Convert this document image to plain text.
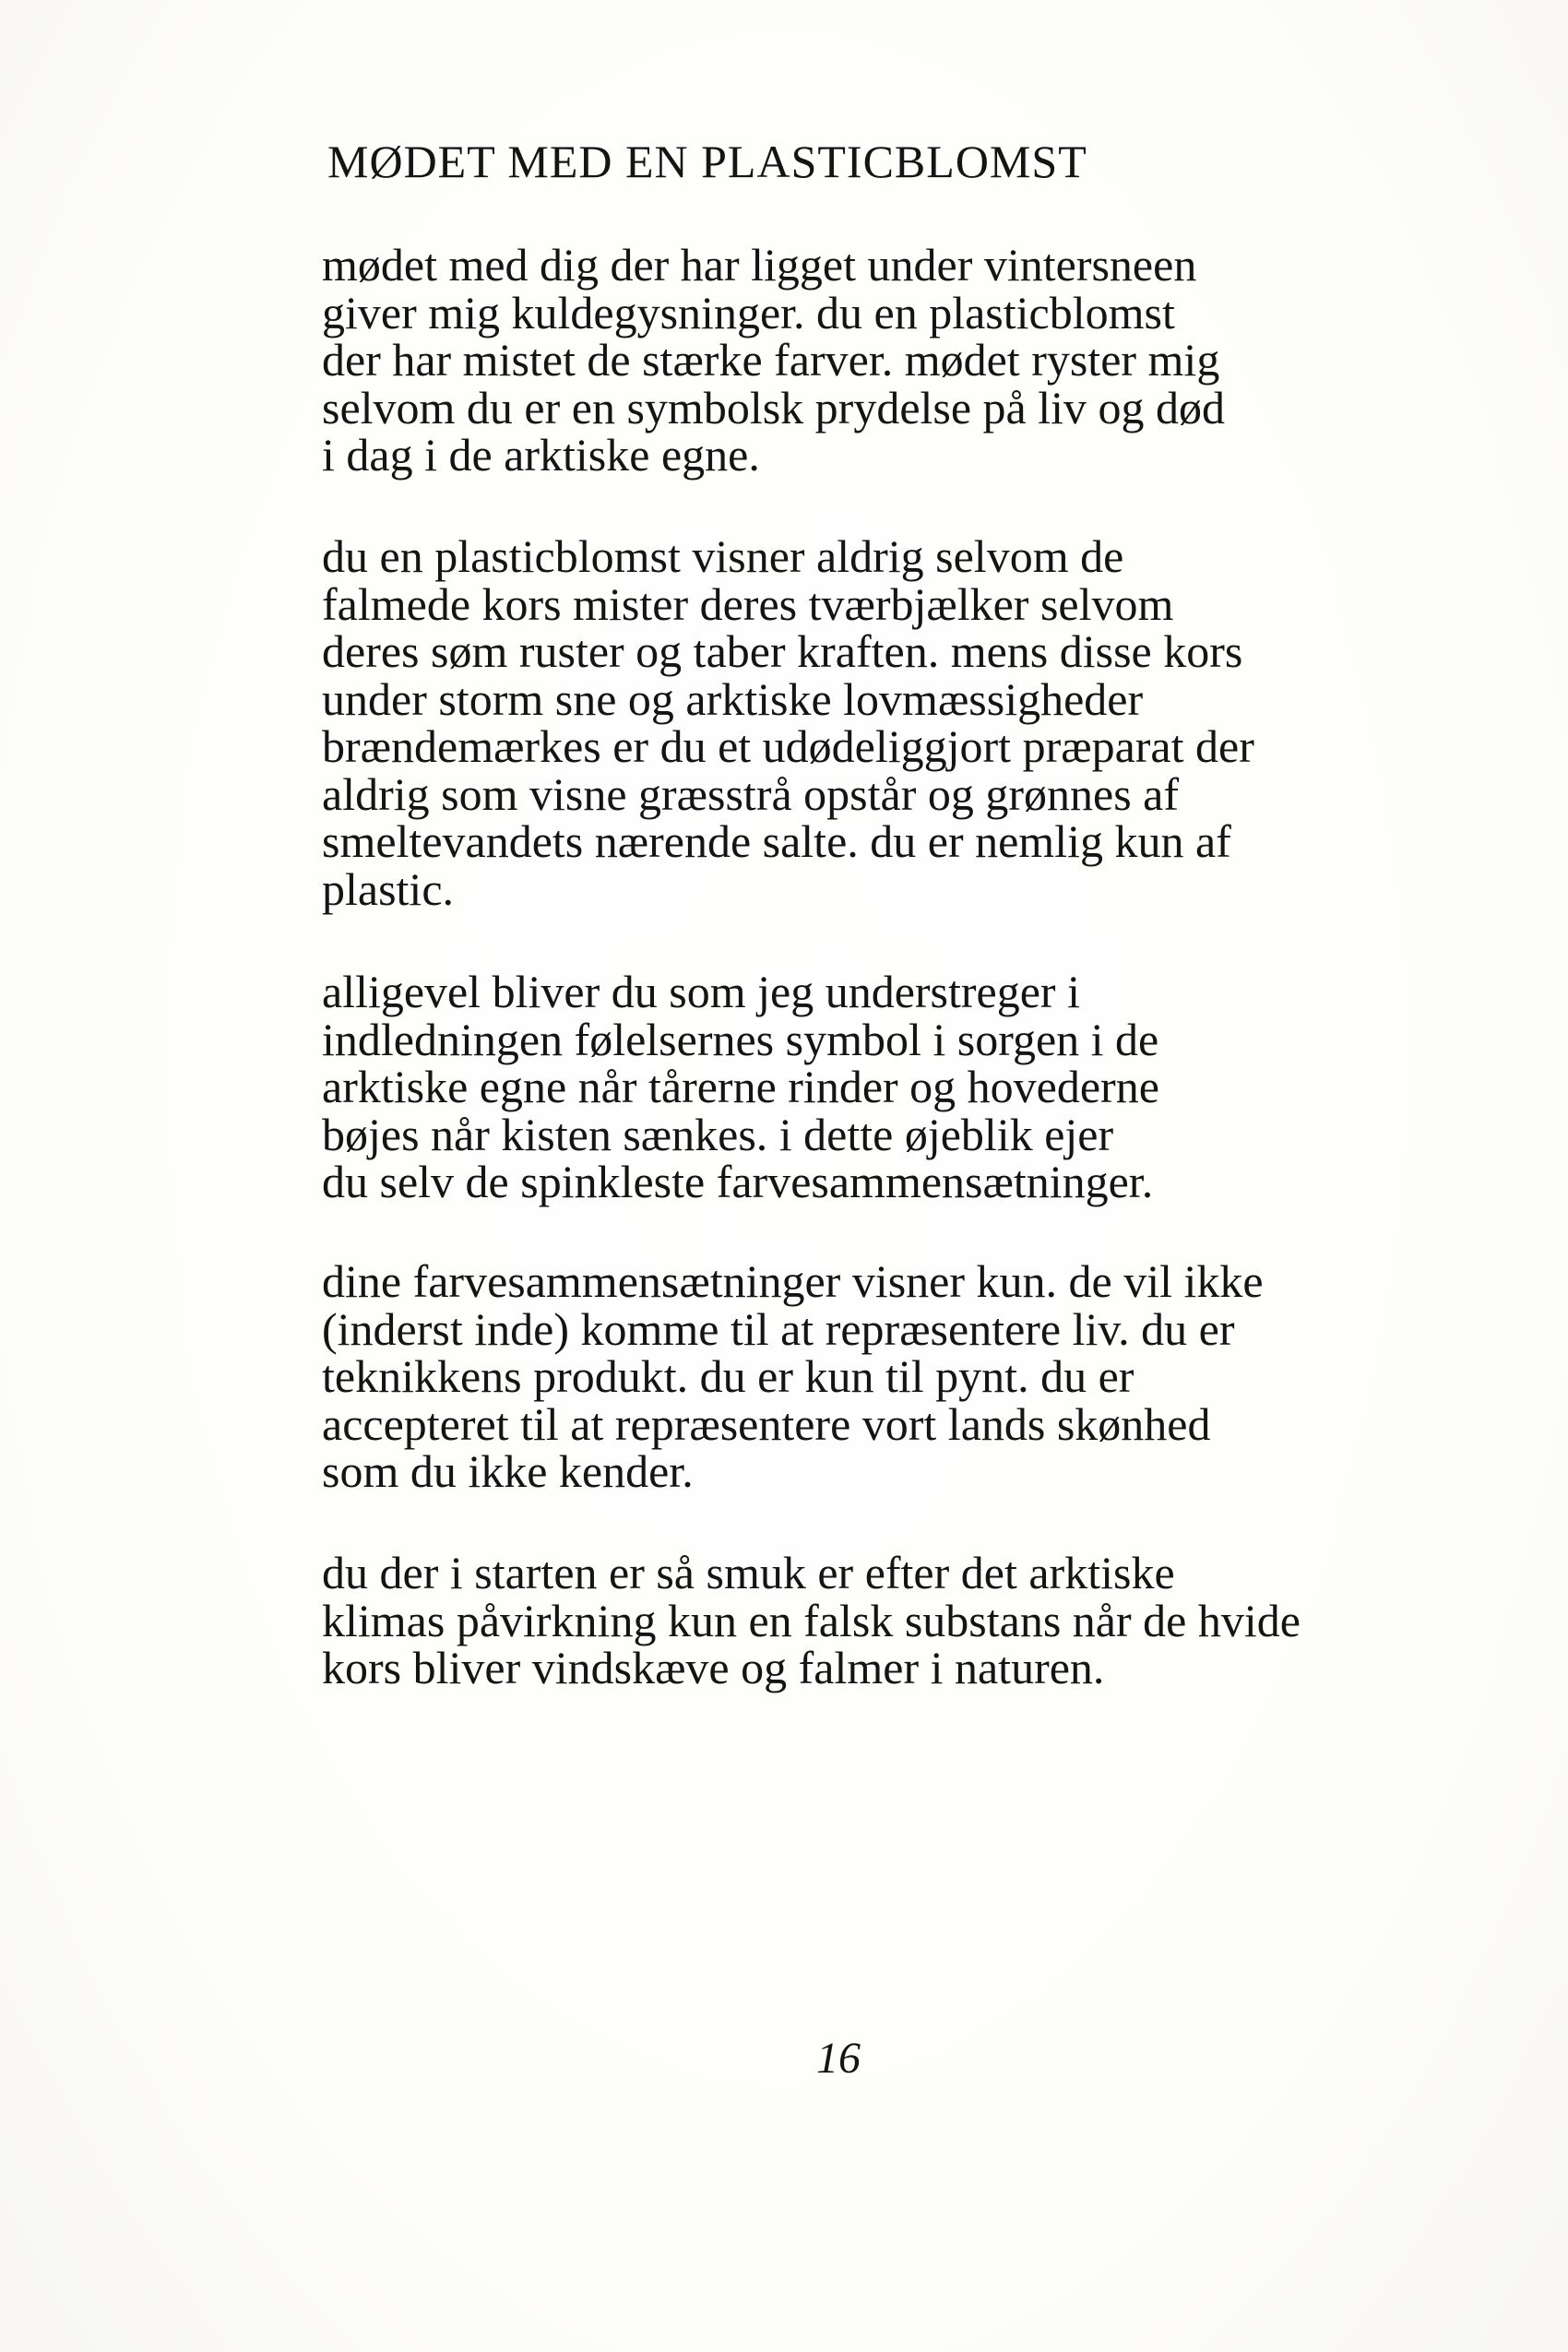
MØDET MED EN PLASTICBLOMST
mødet med dig der har ligget under vintersneen
giver mig kuldegysninger. du en plasticblomst
der har mistet de stærke farver. mødet ryster mig
selvom du er en symbolsk prydelse på liv og død
i dag i de arktiske egne.
du en plasticblomst visner aldrig selvom de
falmede kors mister deres tværbjælker selvom
deres søm ruster og taber kraften. mens disse kors
under storm sne og arktiske lovmæssigheder
brændemærkes er du et udødeliggjort præparat der
aldrig som visne græsstrå opstår og grønnes af
smeltevandets nærende salte. du er nemlig kun af
plastic.
alligevel bliver du som jeg understreger i
indledningen følelsernes symbol i sorgen i de
arktiske egne når tårerne rinder og hovederne
bøjes når kisten sænkes. i dette øjeblik ejer
du selv de spinkleste farvesammensætninger.
dine farvesammensætninger visner kun. de vil ikke
(inderst inde) komme til at repræsentere liv. du er
teknikkens produkt. du er kun til pynt. du er
accepteret til at repræsentere vort lands skønhed
som du ikke kender.
du der i starten er så smuk er efter det arktiske
klimas påvirkning kun en falsk substans når de hvide
kors bliver vindskæve og falmer i naturen.
16
